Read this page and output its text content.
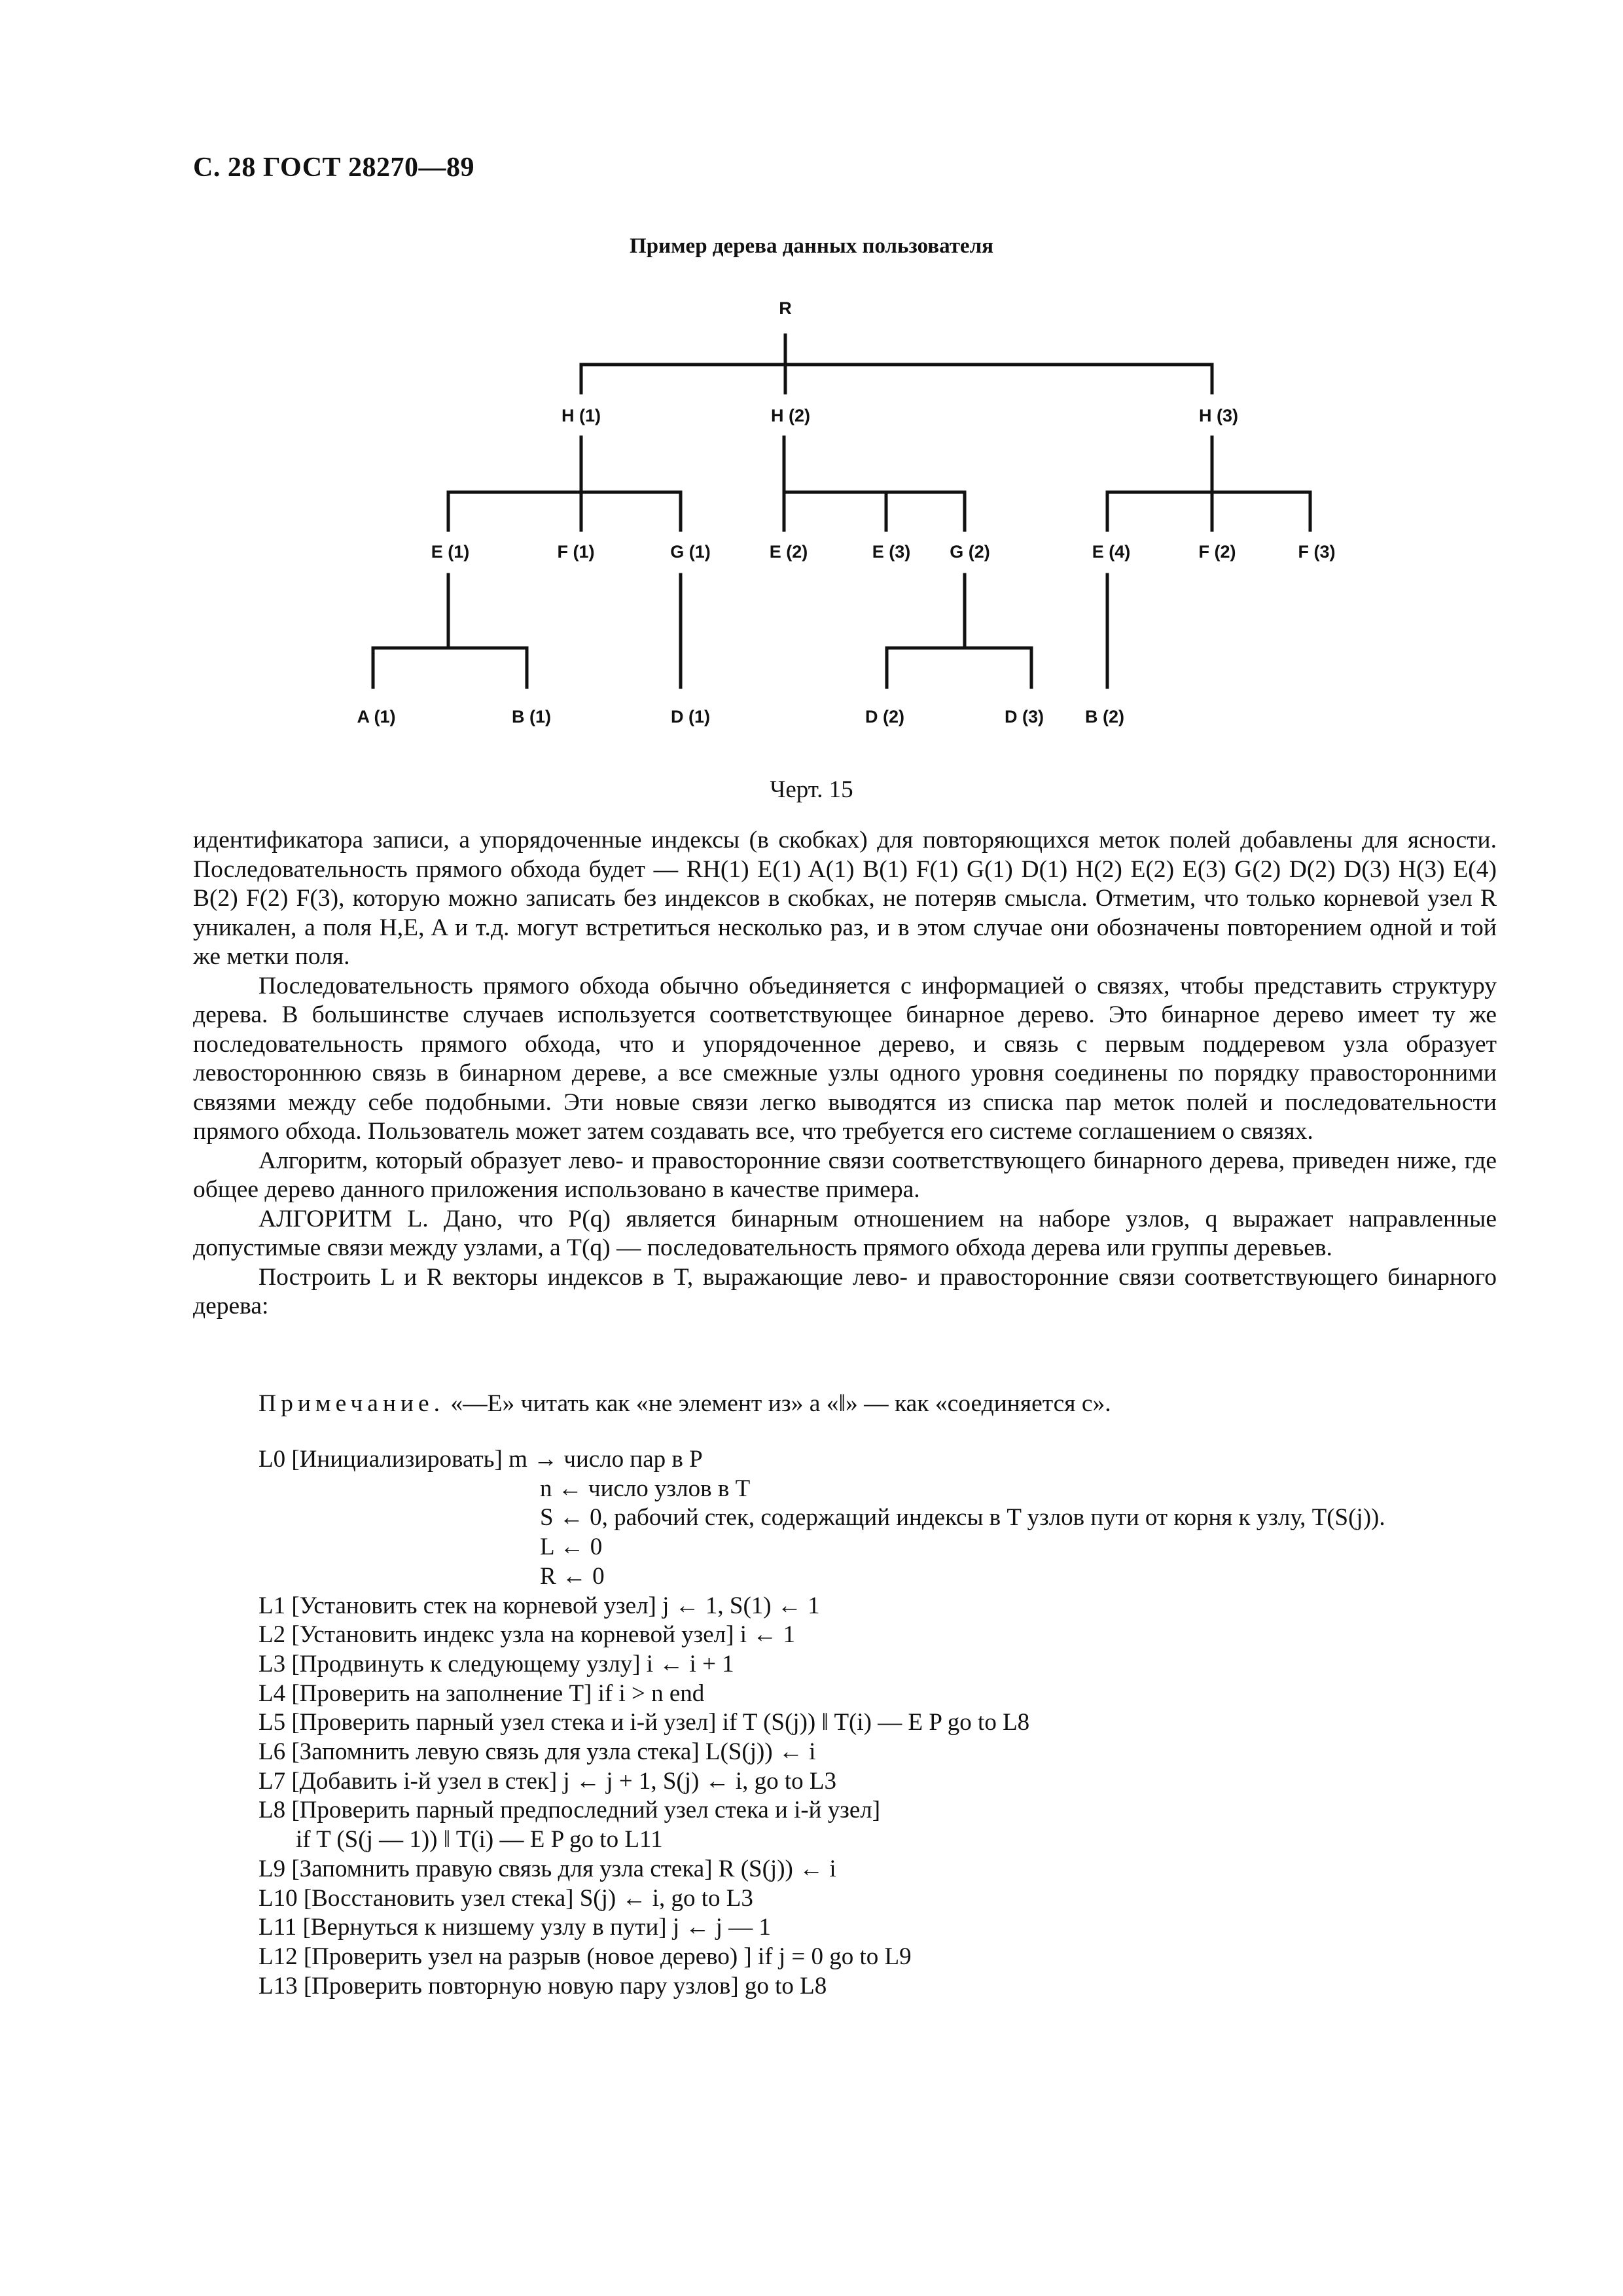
С. 28 ГОСТ 28270—89
Пример дерева данных пользователя
R
H (1)	H (2)	H (3)
E (1)	F (1)	G (1)	E (2)	E (3) G (2)	E (4)	F (2)	F (3)
A (1)	B (1)	D (1)	D (2)	D (3) B (2)
Черт. 15

идентификатора записи, а упорядоченные индексы (в скобках) для повторяющихся меток полей добавлены для ясности. Последовательность прямого обхода будет — RH(1) E(1) A(1) B(1) F(1) G(1) D(1) H(2) E(2) E(3) G(2) D(2) D(3) H(3) E(4) B(2) F(2) F(3), которую можно записать без индексов в скобках, не потеряв смысла. Отметим, что только корневой узел R уникален, а поля H,E, A и т.д. могут встретиться несколько раз, и в этом случае они обозначены повторением одной и той же метки поля.

Последовательность прямого обхода обычно объединяется с информацией о связях, чтобы представить структуру дерева. В большинстве случаев используется соответствующее бинарное дерево. Это бинарное дерево имеет ту же последовательность прямого обхода, что и упорядоченное дерево, и связь с первым поддеревом узла образует левостороннюю связь в бинарном дереве, а все смежные узлы одного уровня соединены по порядку правосторонними связями между себе подобными. Эти новые связи легко выводятся из списка пар меток полей и последовательности прямого обхода. Пользователь может затем создавать все, что требуется его системе соглашением о связях.

Алгоритм, который образует лево- и правосторонние связи соответствующего бинарного дерева, приведен ниже, где общее дерево данного приложения использовано в качестве примера.

АЛГОРИТМ L. Дано, что P(q) является бинарным отношением на наборе узлов, q выражает направленные допустимые связи между узлами, а T(q) — последовательность прямого обхода дерева или группы деревьев.

Построить L и R векторы индексов в T, выражающие лево- и правосторонние связи соответствующего бинарного дерева:

Примечание. «—E» читать как «не элемент из» а «‖» — как «соединяется с».
L0 [Инициализировать] m → число пар в P
n ← число узлов в T
S ← 0, рабочий стек, содержащий индексы в T узлов пути от корня к узлу, T(S(j)).
L ← 0
R ← 0
L1 [Установить стек на корневой узел] j ← 1, S(1) ← 1
L2 [Установить индекс узла на корневой узел] i ← 1
L3 [Продвинуть к следующему узлу] i ← i + 1
L4 [Проверить на заполнение T] if i > n end
L5 [Проверить парный узел стека и i-й узел] if T (S(j)) ‖ T(i) — E P go to L8
L6 [Запомнить левую связь для узла стека] L(S(j)) ← i
L7 [Добавить i-й узел в стек] j ← j + 1, S(j) ← i, go to L3
L8 [Проверить парный предпоследний узел стека и i-й узел]
if T (S(j — 1)) ‖ T(i) — E P go to L11
L9 [Запомнить правую связь для узла стека] R (S(j)) ← i
L10 [Восстановить узел стека] S(j) ← i, go to L3
L11 [Вернуться к низшему узлу в пути] j ← j — 1
L12 [Проверить узел на разрыв (новое дерево) ] if j = 0 go to L9
L13 [Проверить повторную новую пару узлов] go to L8
